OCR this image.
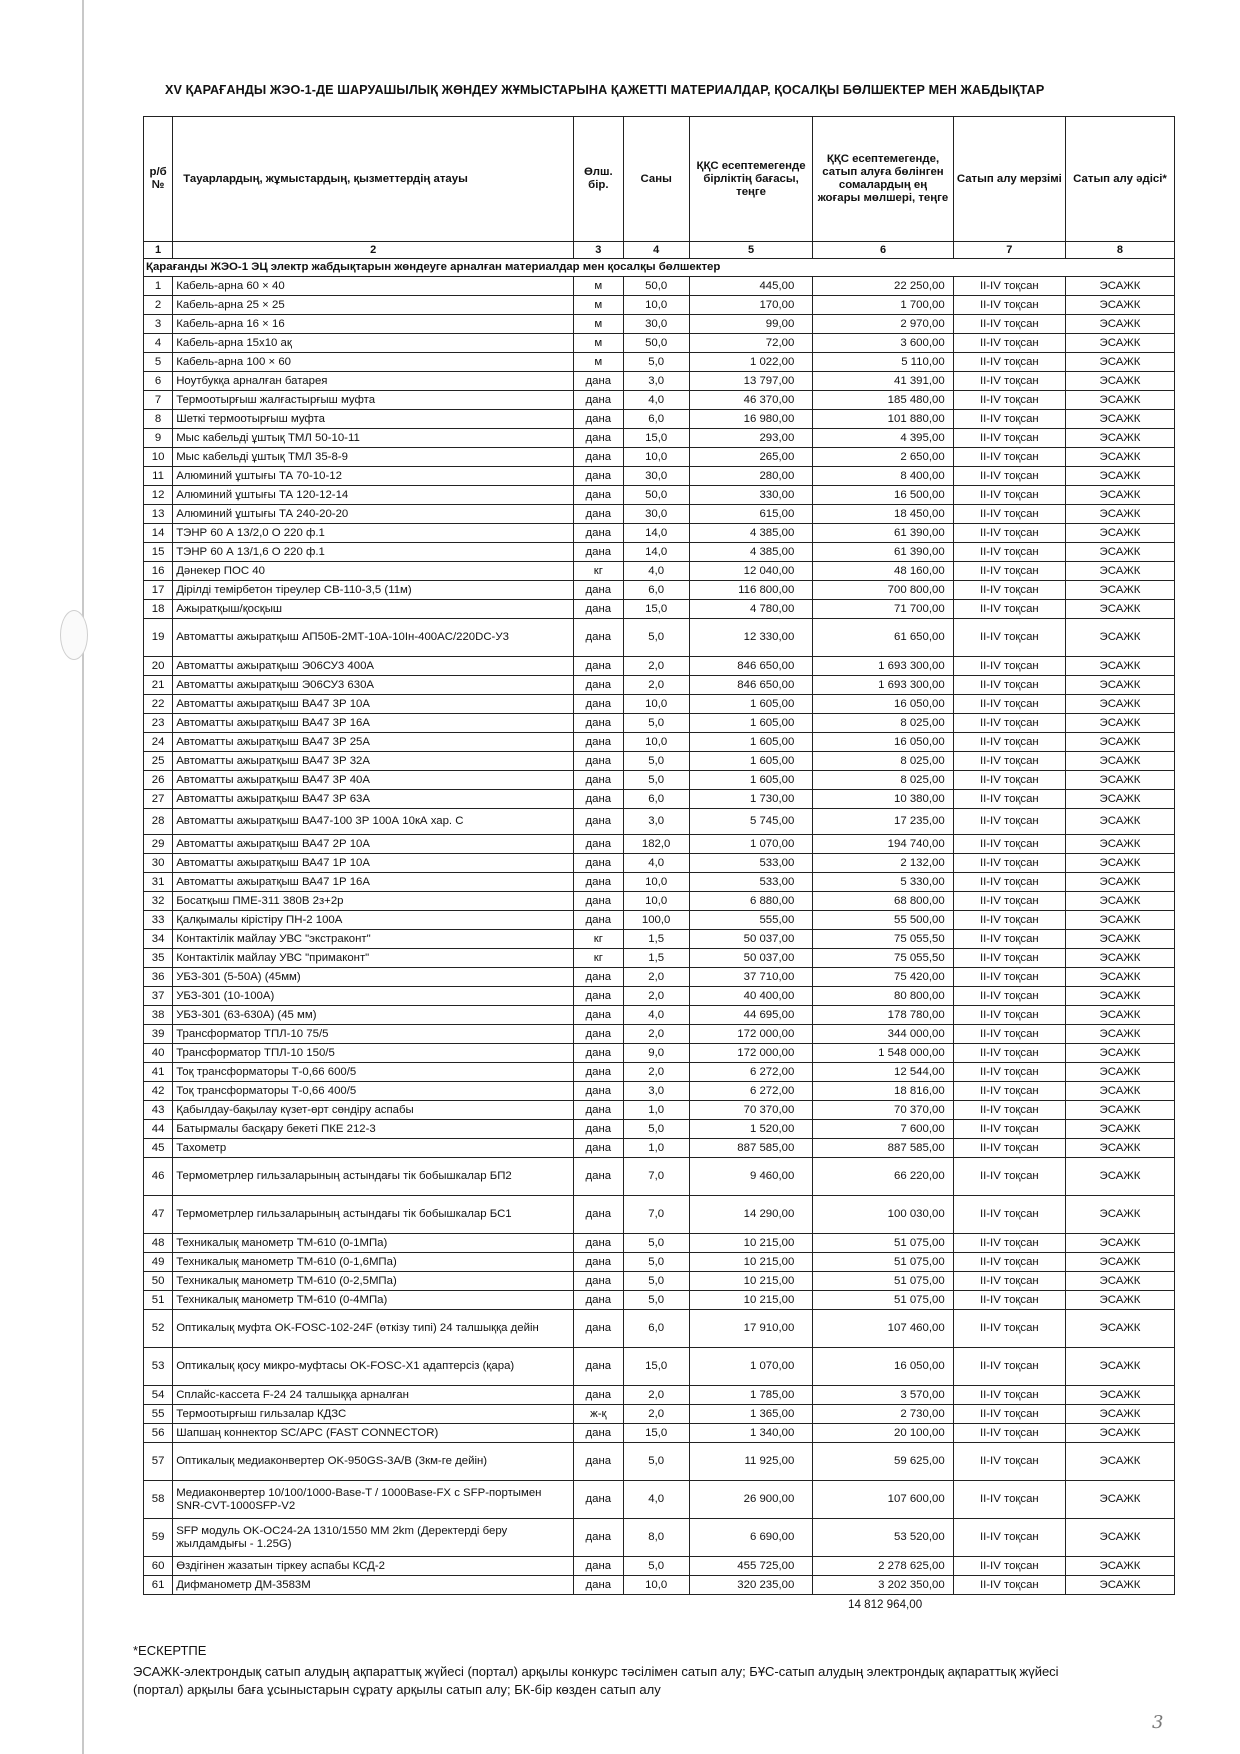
XV ҚАРАҒАНДЫ ЖЭО-1-ДЕ ШАРУАШЫЛЫҚ ЖӨНДЕУ ЖҰМЫСТАРЫНА ҚАЖЕТТІ МАТЕРИАЛДАР, ҚОСАЛҚЫ БӨЛШЕКТЕР МЕН ЖАБДЫҚТАР
р/б №	Тауарлардың, жұмыстардың, қызметтердің атауы	Өлш. бір.	Саны	ҚҚС есептемегенде бірліктің бағасы, теңге	ҚҚС есептемегенде, сатып алуға бөлінген сомалардың ең жоғары мөлшері, теңге	Сатып алу мерзімі	Сатып алу әдісі*
1	2	3	4	5	6	7	8
Қарағанды ЖЭО-1 ЭЦ электр жабдықтарын жөндеуге арналған материалдар мен қосалқы бөлшектер							
1	Кабель-арна 60 × 40	м	50,0	445,00	22 250,00	II-IV тоқсан	ЭСАЖК
2	Кабель-арна 25 × 25	м	10,0	170,00	1 700,00	II-IV тоқсан	ЭСАЖК
3	Кабель-арна 16 × 16	м	30,0	99,00	2 970,00	II-IV тоқсан	ЭСАЖК
4	Кабель-арна 15х10 ақ	м	50,0	72,00	3 600,00	II-IV тоқсан	ЭСАЖК
5	Кабель-арна 100 × 60	м	5,0	1 022,00	5 110,00	II-IV тоқсан	ЭСАЖК
6	Ноутбукқа арналған батарея	дана	3,0	13 797,00	41 391,00	II-IV тоқсан	ЭСАЖК
7	Термоотырғыш жалғастырғыш муфта	дана	4,0	46 370,00	185 480,00	II-IV тоқсан	ЭСАЖК
8	Шеткі термоотырғыш муфта	дана	6,0	16 980,00	101 880,00	II-IV тоқсан	ЭСАЖК
9	Мыс кабельді ұштық ТМЛ 50-10-11	дана	15,0	293,00	4 395,00	II-IV тоқсан	ЭСАЖК
10	Мыс кабельді ұштық ТМЛ 35-8-9	дана	10,0	265,00	2 650,00	II-IV тоқсан	ЭСАЖК
11	Алюминий ұштығы ТА 70-10-12	дана	30,0	280,00	8 400,00	II-IV тоқсан	ЭСАЖК
12	Алюминий ұштығы ТА 120-12-14	дана	50,0	330,00	16 500,00	II-IV тоқсан	ЭСАЖК
13	Алюминий ұштығы ТА 240-20-20	дана	30,0	615,00	18 450,00	II-IV тоқсан	ЭСАЖК
14	ТЭНР 60 А 13/2,0 О 220 ф.1	дана	14,0	4 385,00	61 390,00	II-IV тоқсан	ЭСАЖК
15	ТЭНР 60 А 13/1,6 О 220 ф.1	дана	14,0	4 385,00	61 390,00	II-IV тоқсан	ЭСАЖК
16	Дәнекер ПОС 40	кг	4,0	12 040,00	48 160,00	II-IV тоқсан	ЭСАЖК
17	Дірілді темірбетон тіреулер СВ-110-3,5 (11м)	дана	6,0	116 800,00	700 800,00	II-IV тоқсан	ЭСАЖК
18	Ажыратқыш/қосқыш	дана	15,0	4 780,00	71 700,00	II-IV тоқсан	ЭСАЖК
19	Автоматты ажыратқыш АП50Б-2МТ-10А-10Iн-400AC/220DC-У3	дана	5,0	12 330,00	61 650,00	II-IV тоқсан	ЭСАЖК
20	Автоматты ажыратқыш Э06СУ3 400А	дана	2,0	846 650,00	1 693 300,00	II-IV тоқсан	ЭСАЖК
21	Автоматты ажыратқыш Э06СУ3 630А	дана	2,0	846 650,00	1 693 300,00	II-IV тоқсан	ЭСАЖК
22	Автоматты ажыратқыш ВА47 3Р 10А	дана	10,0	1 605,00	16 050,00	II-IV тоқсан	ЭСАЖК
23	Автоматты ажыратқыш ВА47 3Р 16А	дана	5,0	1 605,00	8 025,00	II-IV тоқсан	ЭСАЖК
24	Автоматты ажыратқыш ВА47 3Р 25А	дана	10,0	1 605,00	16 050,00	II-IV тоқсан	ЭСАЖК
25	Автоматты ажыратқыш ВА47 3Р 32А	дана	5,0	1 605,00	8 025,00	II-IV тоқсан	ЭСАЖК
26	Автоматты ажыратқыш ВА47 3Р 40А	дана	5,0	1 605,00	8 025,00	II-IV тоқсан	ЭСАЖК
27	Автоматты ажыратқыш ВА47 3Р 63А	дана	6,0	1 730,00	10 380,00	II-IV тоқсан	ЭСАЖК
28	Автоматты ажыратқыш ВА47-100 3Р 100А 10кА хар. С	дана	3,0	5 745,00	17 235,00	II-IV тоқсан	ЭСАЖК
29	Автоматты ажыратқыш ВА47 2Р 10А	дана	182,0	1 070,00	194 740,00	II-IV тоқсан	ЭСАЖК
30	Автоматты ажыратқыш ВА47 1Р 10А	дана	4,0	533,00	2 132,00	II-IV тоқсан	ЭСАЖК
31	Автоматты ажыратқыш ВА47 1Р 16А	дана	10,0	533,00	5 330,00	II-IV тоқсан	ЭСАЖК
32	Босатқыш ПМЕ-311 380В 2з+2р	дана	10,0	6 880,00	68 800,00	II-IV тоқсан	ЭСАЖК
33	Қалқымалы кірістіру ПН-2 100А	дана	100,0	555,00	55 500,00	II-IV тоқсан	ЭСАЖК
34	Контактілік майлау УВС "экстраконт"	кг	1,5	50 037,00	75 055,50	II-IV тоқсан	ЭСАЖК
35	Контактілік майлау УВС "примаконт"	кг	1,5	50 037,00	75 055,50	II-IV тоқсан	ЭСАЖК
36	УБЗ-301 (5-50А) (45мм)	дана	2,0	37 710,00	75 420,00	II-IV тоқсан	ЭСАЖК
37	УБЗ-301 (10-100А)	дана	2,0	40 400,00	80 800,00	II-IV тоқсан	ЭСАЖК
38	УБЗ-301 (63-630А) (45 мм)	дана	4,0	44 695,00	178 780,00	II-IV тоқсан	ЭСАЖК
39	Трансформатор ТПЛ-10 75/5	дана	2,0	172 000,00	344 000,00	II-IV тоқсан	ЭСАЖК
40	Трансформатор ТПЛ-10 150/5	дана	9,0	172 000,00	1 548 000,00	II-IV тоқсан	ЭСАЖК
41	Тоқ трансформаторы Т-0,66 600/5	дана	2,0	6 272,00	12 544,00	II-IV тоқсан	ЭСАЖК
42	Тоқ трансформаторы Т-0,66 400/5	дана	3,0	6 272,00	18 816,00	II-IV тоқсан	ЭСАЖК
43	Қабылдау-бақылау күзет-өрт сөндіру аспабы	дана	1,0	70 370,00	70 370,00	II-IV тоқсан	ЭСАЖК
44	Батырмалы басқару бекеті ПКЕ 212-3	дана	5,0	1 520,00	7 600,00	II-IV тоқсан	ЭСАЖК
45	Тахометр	дана	1,0	887 585,00	887 585,00	II-IV тоқсан	ЭСАЖК
46	Термометрлер гильзаларының астындағы тік бобышкалар БП2	дана	7,0	9 460,00	66 220,00	II-IV тоқсан	ЭСАЖК
47	Термометрлер гильзаларының астындағы тік бобышкалар БС1	дана	7,0	14 290,00	100 030,00	II-IV тоқсан	ЭСАЖК
48	Техникалық манометр ТМ-610 (0-1МПа)	дана	5,0	10 215,00	51 075,00	II-IV тоқсан	ЭСАЖК
49	Техникалық манометр ТМ-610 (0-1,6МПа)	дана	5,0	10 215,00	51 075,00	II-IV тоқсан	ЭСАЖК
50	Техникалық манометр ТМ-610 (0-2,5МПа)	дана	5,0	10 215,00	51 075,00	II-IV тоқсан	ЭСАЖК
51	Техникалық манометр ТМ-610 (0-4МПа)	дана	5,0	10 215,00	51 075,00	II-IV тоқсан	ЭСАЖК
52	Оптикалық муфта OK-FOSC-102-24F (өткізу типі) 24 талшыққа дейін	дана	6,0	17 910,00	107 460,00	II-IV тоқсан	ЭСАЖК
53	Оптикалық қосу микро-муфтасы OK-FOSC-X1 адаптерсіз (қара)	дана	15,0	1 070,00	16 050,00	II-IV тоқсан	ЭСАЖК
54	Сплайс-кассета F-24 24 талшыққа арналған	дана	2,0	1 785,00	3 570,00	II-IV тоқсан	ЭСАЖК
55	Термоотырғыш гильзалар КДЗС	ж-қ	2,0	1 365,00	2 730,00	II-IV тоқсан	ЭСАЖК
56	Шапшаң коннектор SC/APC (FAST CONNECTOR)	дана	15,0	1 340,00	20 100,00	II-IV тоқсан	ЭСАЖК
57	Оптикалық медиаконвертер OK-950GS-3A/B (3км-ге дейін)	дана	5,0	11 925,00	59 625,00	II-IV тоқсан	ЭСАЖК
58	Медиаконвертер 10/100/1000-Base-T / 1000Base-FX с SFP-портымен SNR-CVT-1000SFP-V2	дана	4,0	26 900,00	107 600,00	II-IV тоқсан	ЭСАЖК
59	SFP модуль OK-OC24-2A 1310/1550 MM 2km (Деректерді беру жылдамдығы - 1.25G)	дана	8,0	6 690,00	53 520,00	II-IV тоқсан	ЭСАЖК
60	Өздігінен жазатын тіркеу аспабы КСД-2	дана	5,0	455 725,00	2 278 625,00	II-IV тоқсан	ЭСАЖК
61	Дифманометр ДМ-3583М	дана	10,0	320 235,00	3 202 350,00	II-IV тоқсан	ЭСАЖК
14 812 964,00
*ЕСКЕРТПЕ
ЭСАЖК-электрондық сатып алудың ақпараттық жүйесі (портал) арқылы конкурс тәсілімен сатып алу; БҰС-сатып алудың электрондық ақпараттық жүйесі (портал) арқылы баға ұсыныстарын сұрату арқылы сатып алу; БК-бір көзден сатып алу
3
